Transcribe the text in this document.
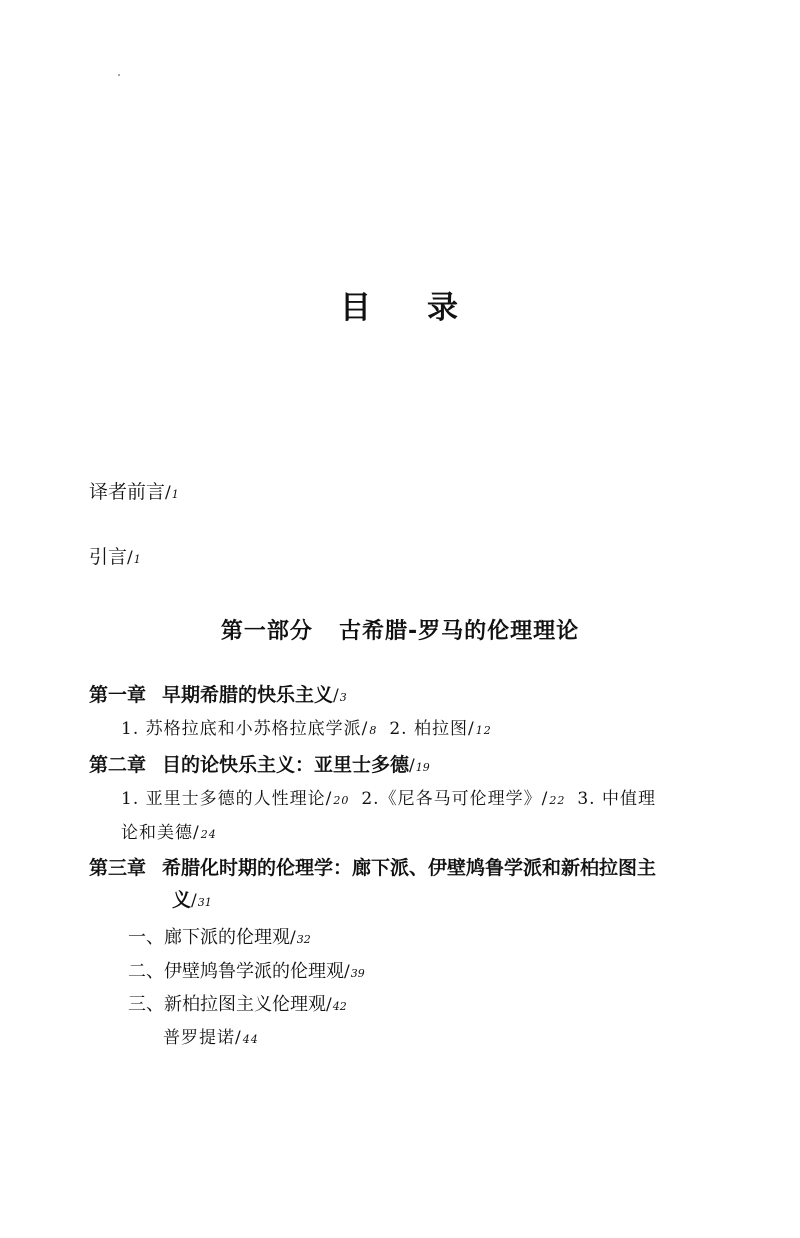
目 录
译者前言/1
引言/1
第一部分 古希腊-罗马的伦理理论
第一章 早期希腊的快乐主义/3
1. 苏格拉底和小苏格拉底学派/8 2. 柏拉图/12
第二章 目的论快乐主义：亚里士多德/19
1. 亚里士多德的人性理论/20 2.《尼各马可伦理学》/22 3. 中值理
论和美德/24
第三章 希腊化时期的伦理学：廊下派、伊壁鸠鲁学派和新柏拉图主
义/31
一、廊下派的伦理观/32
二、伊壁鸠鲁学派的伦理观/39
三、新柏拉图主义伦理观/42
普罗提诺/44
